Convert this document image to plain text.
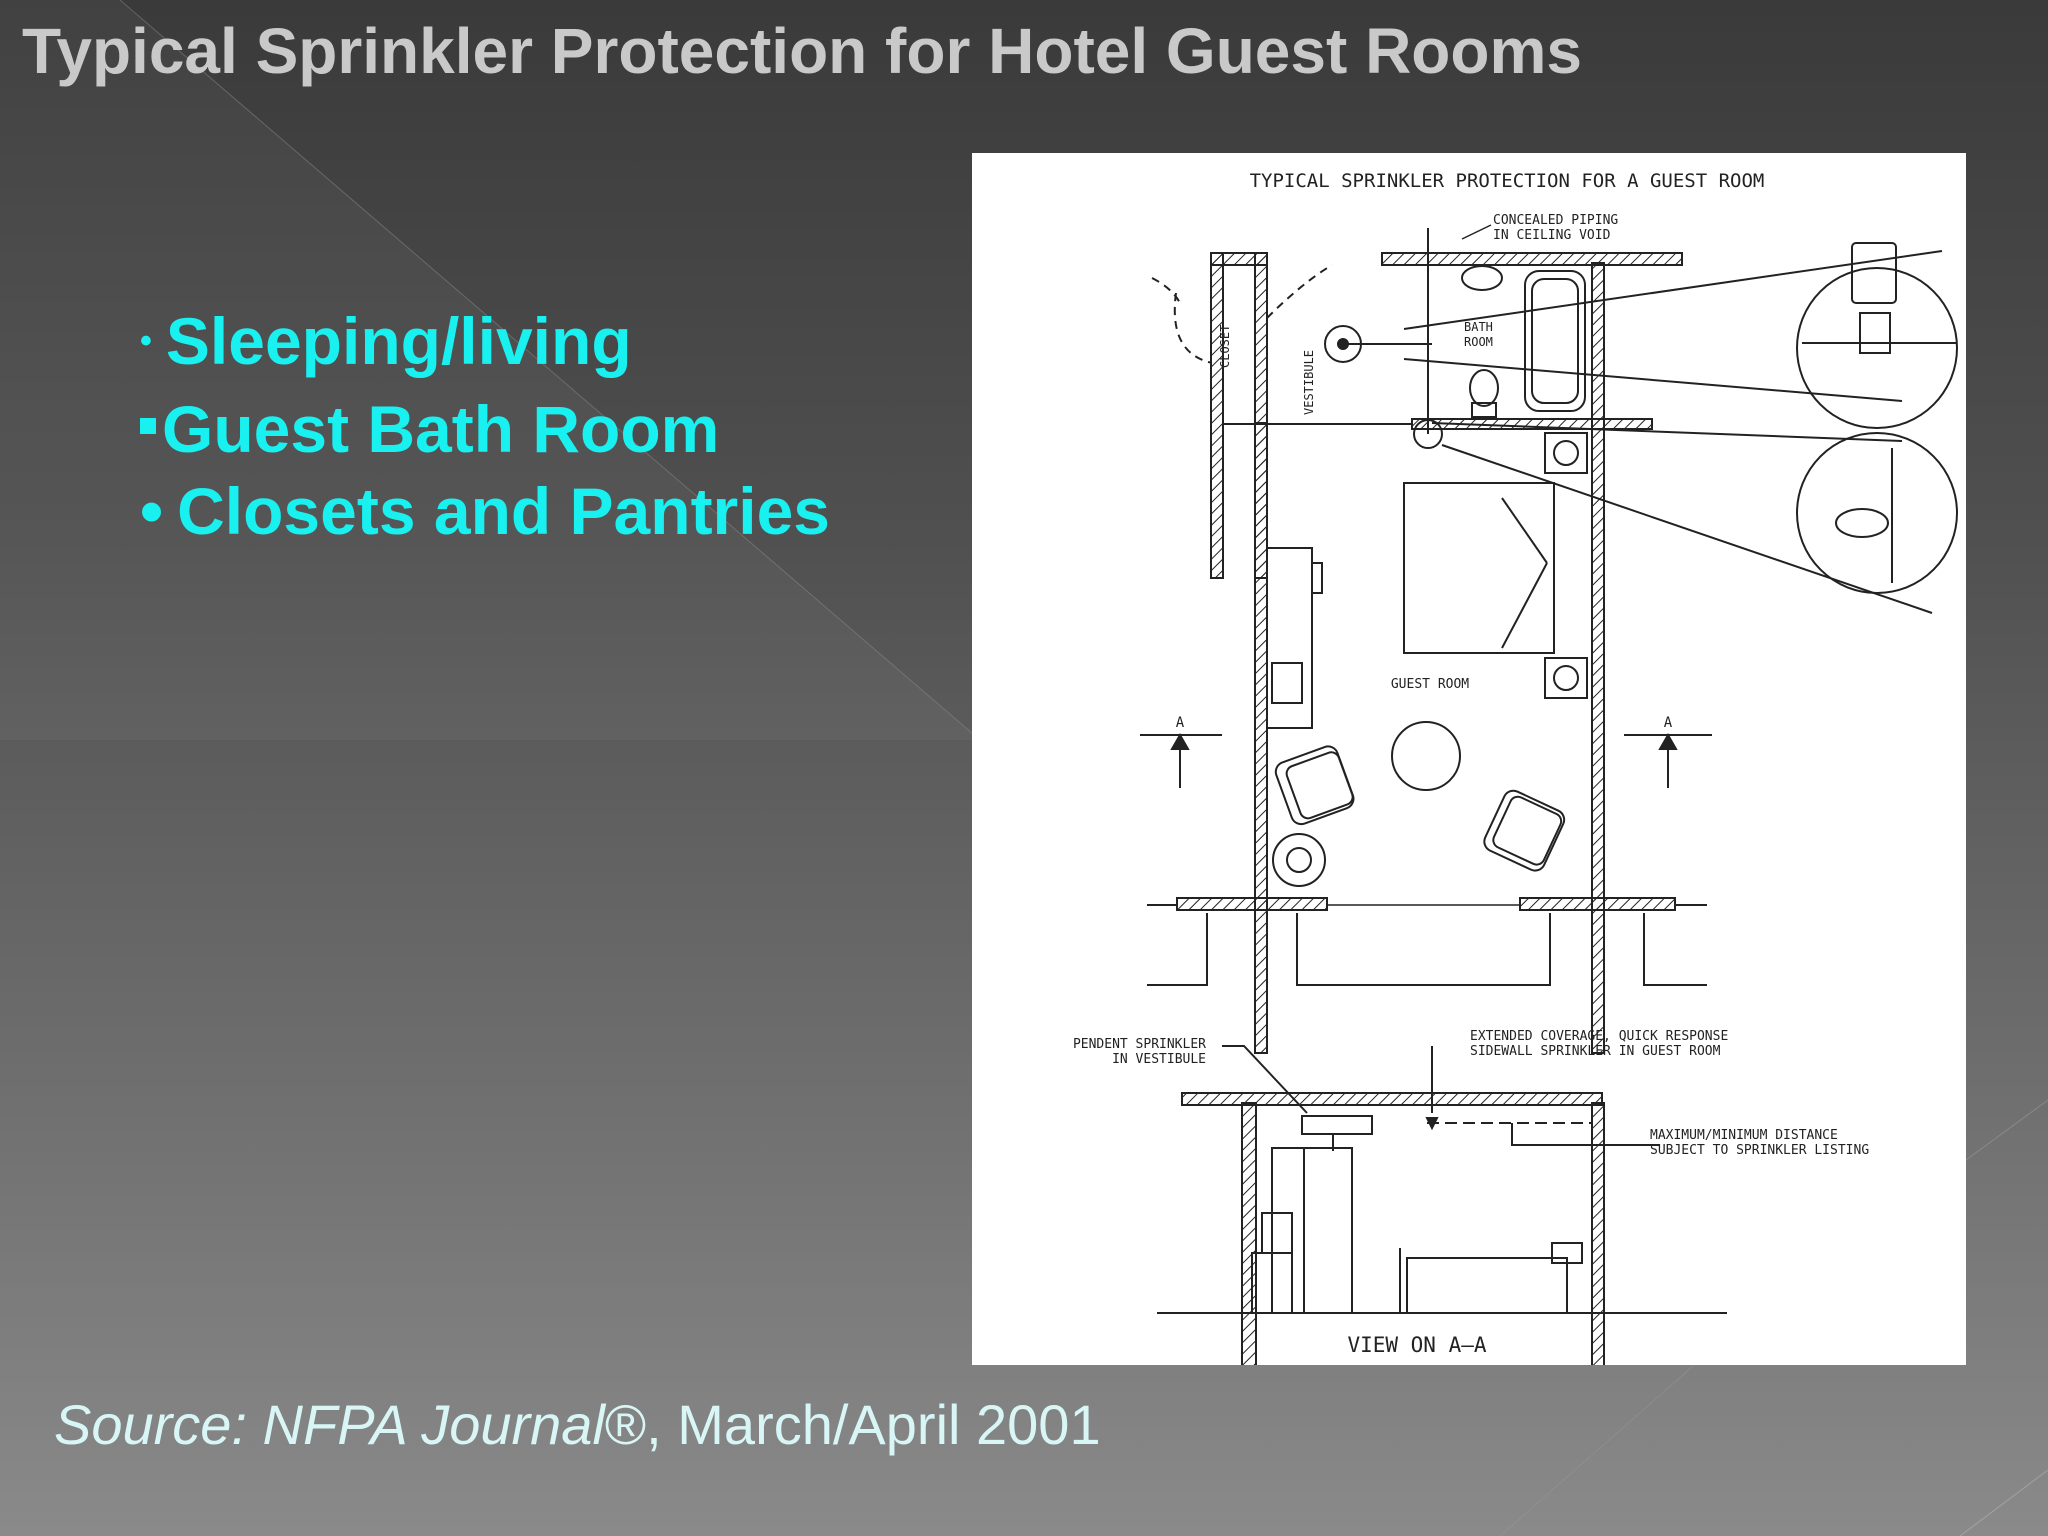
Typical Sprinkler Protection for Hotel Guest Rooms
• Sleeping/living
Guest Bath Room
• Closets and Pantries
TYPICAL SPRINKLER PROTECTION FOR A GUEST ROOM
CONCEALED PIPING
IN CEILING VOID
CLOSET
VESTIBULE
BATH
ROOM
GUEST ROOM
A	A
PENDENT SPRINKLER
IN VESTIBULE
EXTENDED COVERAGE, QUICK RESPONSE
SIDEWALL SPRINKLER IN GUEST ROOM
MAXIMUM/MINIMUM DISTANCE
SUBJECT TO SPRINKLER LISTING
VIEW ON A—A
Source: NFPA Journal®, March/April 2001
